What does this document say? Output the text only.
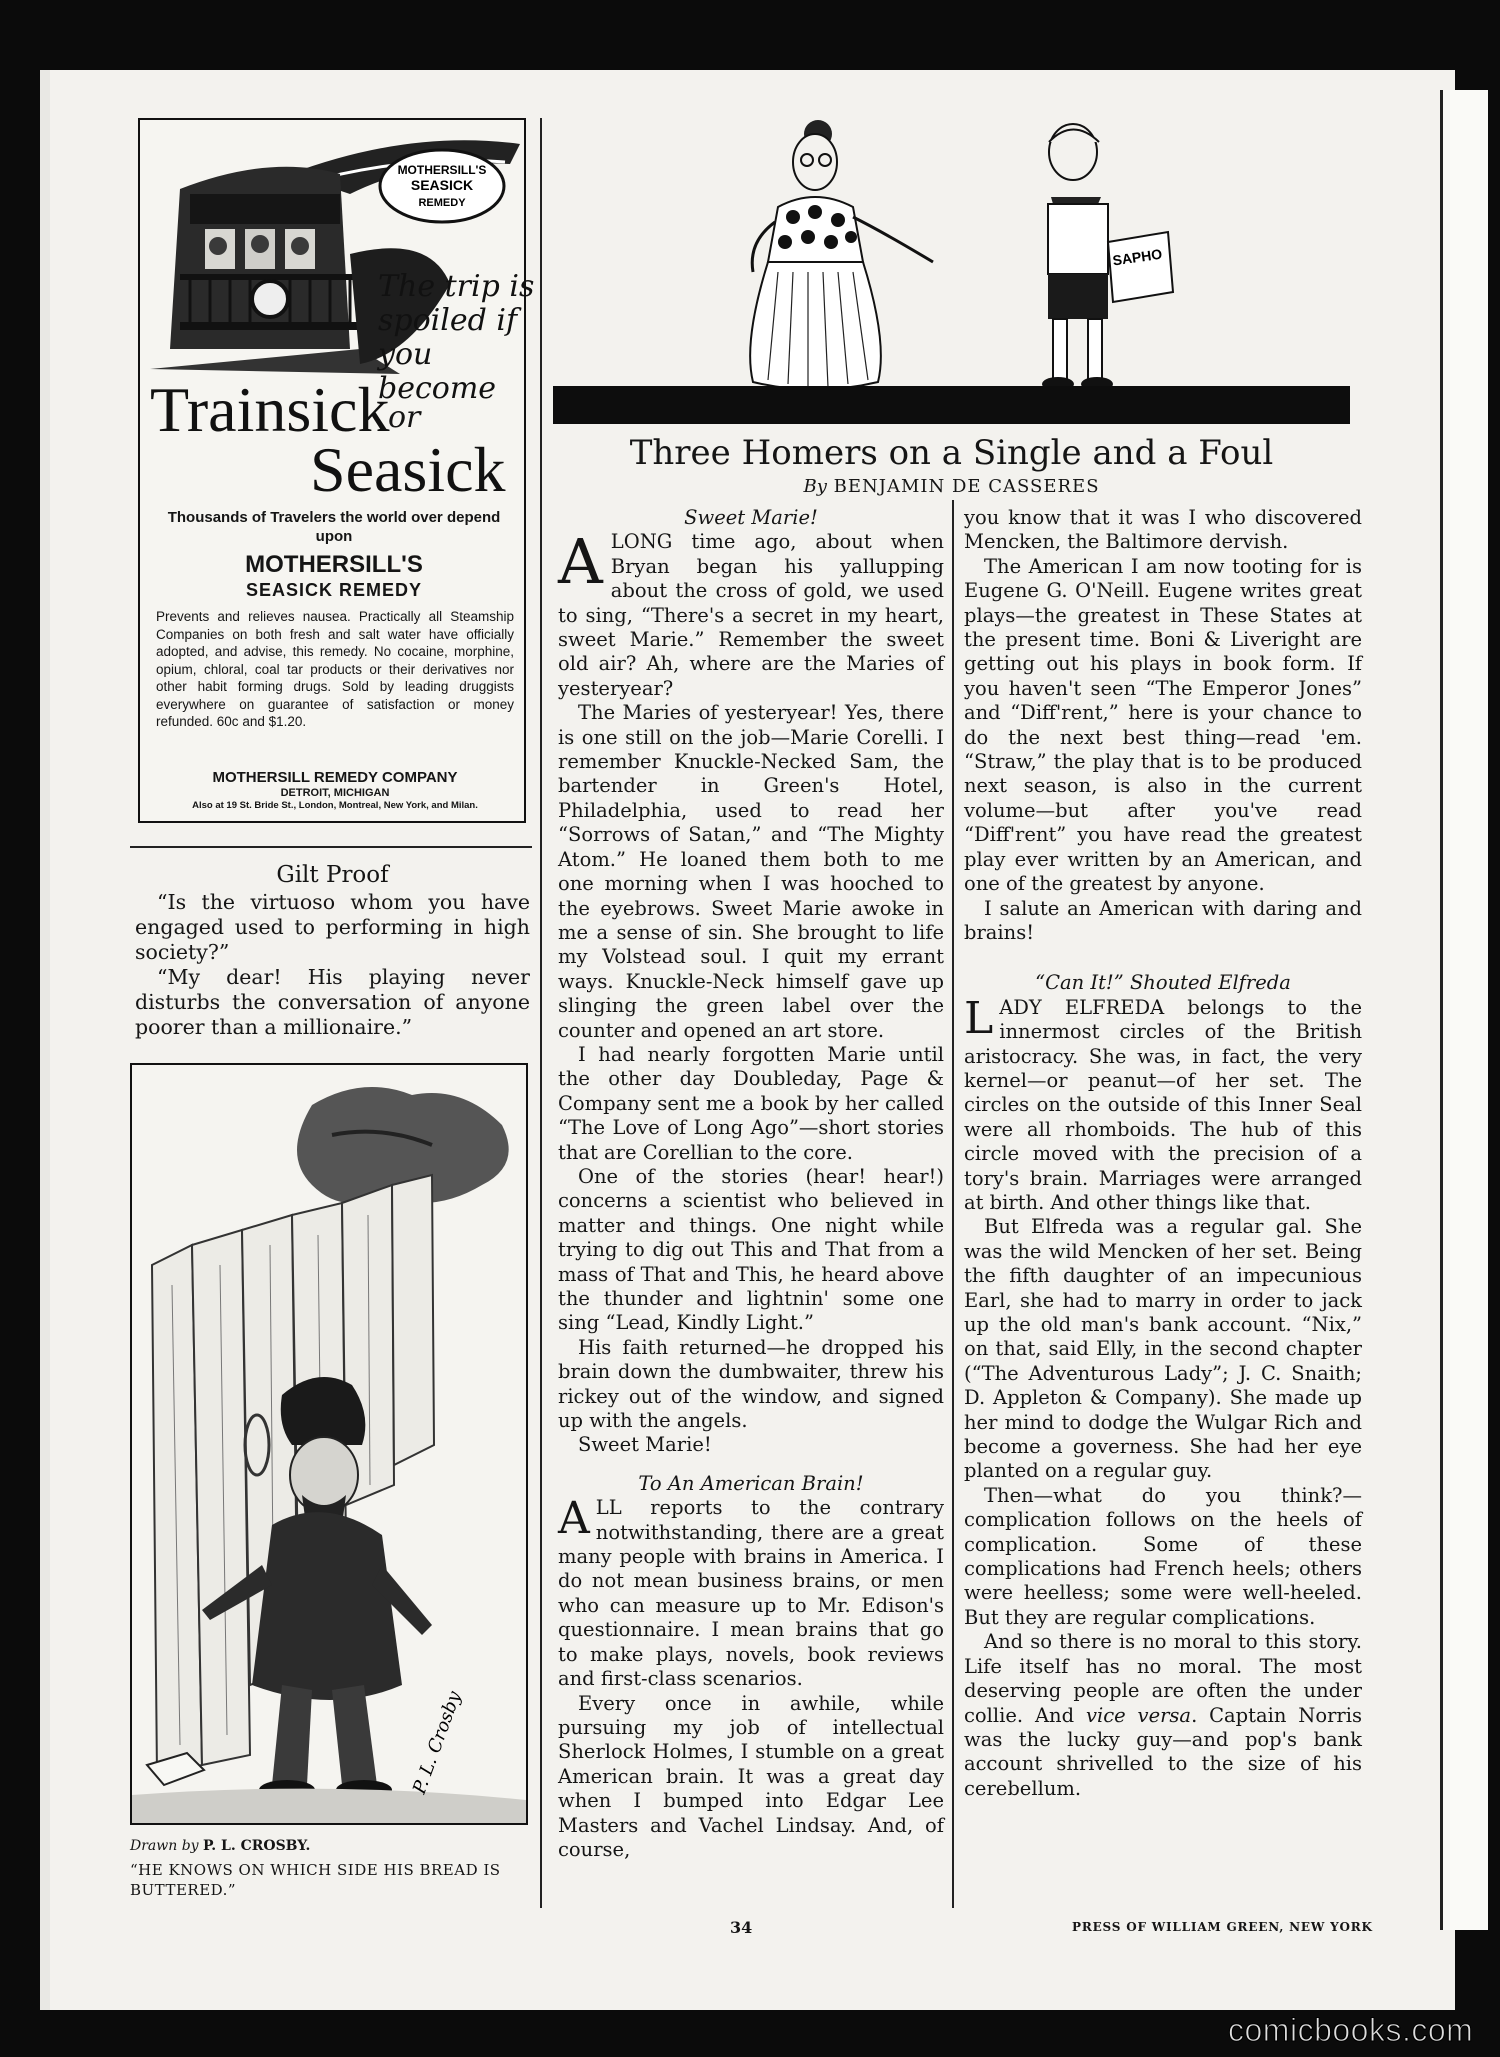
MOTHERSILL'S
SEASICK
REMEDY
The trip is spoiled if you become
Trainsick
or
Seasick
Thousands of Travelers the world over depend upon
MOTHERSILL'S
SEASICK REMEDY
Prevents and relieves nausea. Practically all Steamship Companies on both fresh and salt water have officially adopted, and advise, this remedy. No cocaine, morphine, opium, chloral, coal tar products or their derivatives nor other habit forming drugs. Sold by leading druggists everywhere on guarantee of satisfaction or money refunded. 60c and $1.20.
MOTHERSILL REMEDY COMPANY
DETROIT, MICHIGAN
Also at 19 St. Bride St., London, Montreal, New York, and Milan.
Gilt Proof

“Is the virtuoso whom you have engaged used to performing in high society?”

“My dear! His playing never disturbs the conversation of anyone poorer than a millionaire.”

P. L. Crosby
Drawn by P. L. CROSBY.
“HE KNOWS ON WHICH SIDE HIS BREAD IS BUTTERED.”
SAPHO
Three Homers on a Single and a Foul
By BENJAMIN DE CASSERES

Sweet Marie!

ALONG time ago, about when Bryan began his yallupping about the cross of gold, we used to sing, “There's a secret in my heart, sweet Marie.” Remember the sweet old air? Ah, where are the Maries of yesteryear?

The Maries of yesteryear! Yes, there is one still on the job—Marie Corelli. I remember Knuckle-Necked Sam, the bartender in Green's Hotel, Philadelphia, used to read her “Sorrows of Satan,” and “The Mighty Atom.” He loaned them both to me one morning when I was hooched to the eyebrows. Sweet Marie awoke in me a sense of sin. She brought to life my Volstead soul. I quit my errant ways. Knuckle-Neck himself gave up slinging the green label over the counter and opened an art store.

I had nearly forgotten Marie until the other day Doubleday, Page & Company sent me a book by her called “The Love of Long Ago”—short stories that are Corellian to the core.

One of the stories (hear! hear!) concerns a scientist who believed in matter and things. One night while trying to dig out This and That from a mass of That and This, he heard above the thunder and lightnin' some one sing “Lead, Kindly Light.”

His faith returned—he dropped his brain down the dumbwaiter, threw his rickey out of the window, and signed up with the angels.

Sweet Marie!

To An American Brain!

ALL reports to the contrary notwithstanding, there are a great many people with brains in America. I do not mean business brains, or men who can measure up to Mr. Edison's questionnaire. I mean brains that go to make plays, novels, book reviews and first-class scenarios.

Every once in awhile, while pursuing my job of intellectual Sherlock Holmes, I stumble on a great American brain. It was a great day when I bumped into Edgar Lee Masters and Vachel Lindsay. And, of course,

you know that it was I who discovered Mencken, the Baltimore dervish.

The American I am now tooting for is Eugene G. O'Neill. Eugene writes great plays—the greatest in These States at the present time. Boni & Liveright are getting out his plays in book form. If you haven't seen “The Emperor Jones” and “Diff'rent,” here is your chance to do the next best thing—read 'em. “Straw,” the play that is to be produced next season, is also in the current volume—but after you've read “Diff'rent” you have read the greatest play ever written by an American, and one of the greatest by anyone.

I salute an American with daring and brains!

“Can It!” Shouted Elfreda

LADY ELFREDA belongs to the innermost circles of the British aristocracy. She was, in fact, the very kernel—or peanut—of her set. The circles on the outside of this Inner Seal were all rhomboids. The hub of this circle moved with the precision of a tory's brain. Marriages were arranged at birth. And other things like that.

But Elfreda was a regular gal. She was the wild Mencken of her set. Being the fifth daughter of an impecunious Earl, she had to marry in order to jack up the old man's bank account. “Nix,” on that, said Elly, in the second chapter (“The Adventurous Lady”; J. C. Snaith; D. Appleton & Company). She made up her mind to dodge the Wulgar Rich and become a governess. She had her eye planted on a regular guy.

Then—what do you think?—complication follows on the heels of complication. Some of these complications had French heels; others were heelless; some were well-heeled. But they are regular complications.

And so there is no moral to this story. Life itself has no moral. The most deserving people are often the under collie. And vice versa. Captain Norris was the lucky guy—and pop's bank account shrivelled to the size of his cerebellum.

34	PRESS OF WILLIAM GREEN, NEW YORK
comicbooks.com
